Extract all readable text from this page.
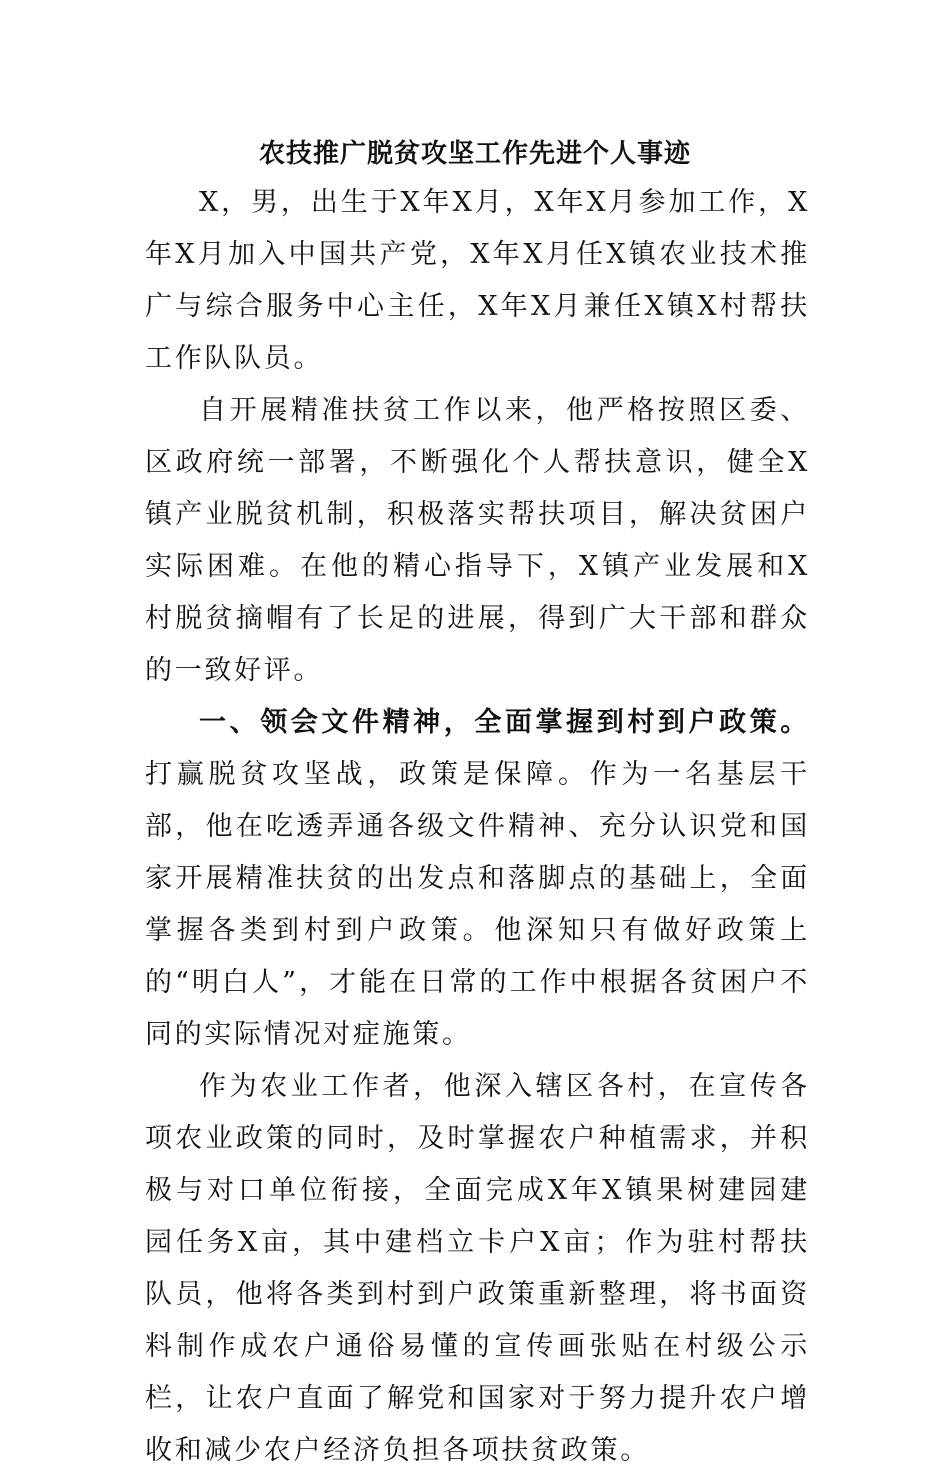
农技推广脱贫攻坚工作先进个人事迹

X，男，出生于X年X月，X年X月参加工作，X年X月加入中国共产党，X年X月任X镇农业技术推广与综合服务中心主任，X年X月兼任X镇X村帮扶工作队队员。

自开展精准扶贫工作以来，他严格按照区委、区政府统一部署，不断强化个人帮扶意识，健全X镇产业脱贫机制，积极落实帮扶项目，解决贫困户实际困难。在他的精心指导下，X镇产业发展和X村脱贫摘帽有了长足的进展，得到广大干部和群众的一致好评。

一、领会文件精神，全面掌握到村到户政策。打赢脱贫攻坚战，政策是保障。作为一名基层干部，他在吃透弄通各级文件精神、充分认识党和国家开展精准扶贫的出发点和落脚点的基础上，全面掌握各类到村到户政策。他深知只有做好政策上的“明白人”，才能在日常的工作中根据各贫困户不同的实际情况对症施策。

作为农业工作者，他深入辖区各村，在宣传各项农业政策的同时，及时掌握农户种植需求，并积极与对口单位衔接，全面完成X年X镇果树建园建园任务X亩，其中建档立卡户X亩；作为驻村帮扶队员，他将各类到村到户政策重新整理，将书面资料制作成农户通俗易懂的宣传画张贴在村级公示栏，让农户直面了解党和国家对于努力提升农户增收和减少农户经济负担各项扶贫政策。
